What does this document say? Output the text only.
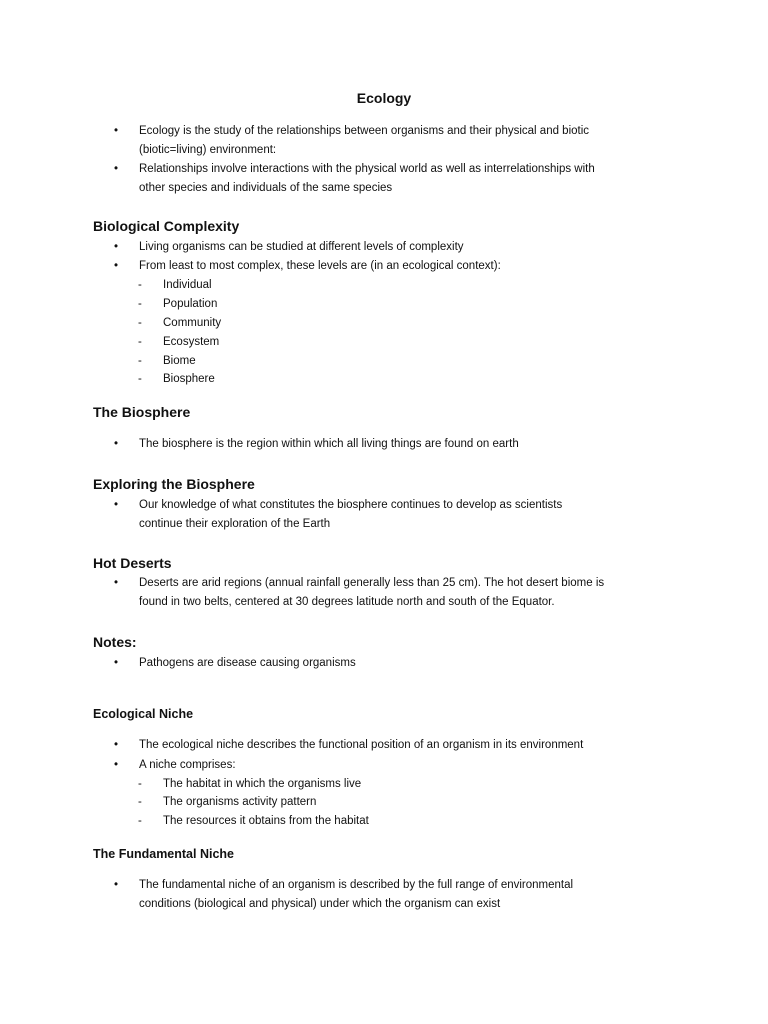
Ecology
•	Ecology is the study of the relationships between organisms and their physical and biotic
(biotic=living) environment:
•	Relationships involve interactions with the physical world as well as interrelationships with
other species and individuals of the same species
Biological Complexity
•	Living organisms can be studied at different levels of complexity
•	From least to most complex, these levels are (in an ecological context):
- Individual
- Population
- Community
- Ecosystem
- Biome
- Biosphere
The Biosphere
•	The biosphere is the region within which all living things are found on earth
Exploring the Biosphere
•	Our knowledge of what constitutes the biosphere continues to develop as scientists
continue their exploration of the Earth
Hot Deserts
•	Deserts are arid regions (annual rainfall generally less than 25 cm). The hot desert biome is
found in two belts, centered at 30 degrees latitude north and south of the Equator.
Notes:
•	Pathogens are disease causing organisms
Ecological Niche
•	The ecological niche describes the functional position of an organism in its environment
•	A niche comprises:
- The habitat in which the organisms live
- The organisms activity pattern
- The resources it obtains from the habitat
The Fundamental Niche
•	The fundamental niche of an organism is described by the full range of environmental
conditions (biological and physical) under which the organism can exist
